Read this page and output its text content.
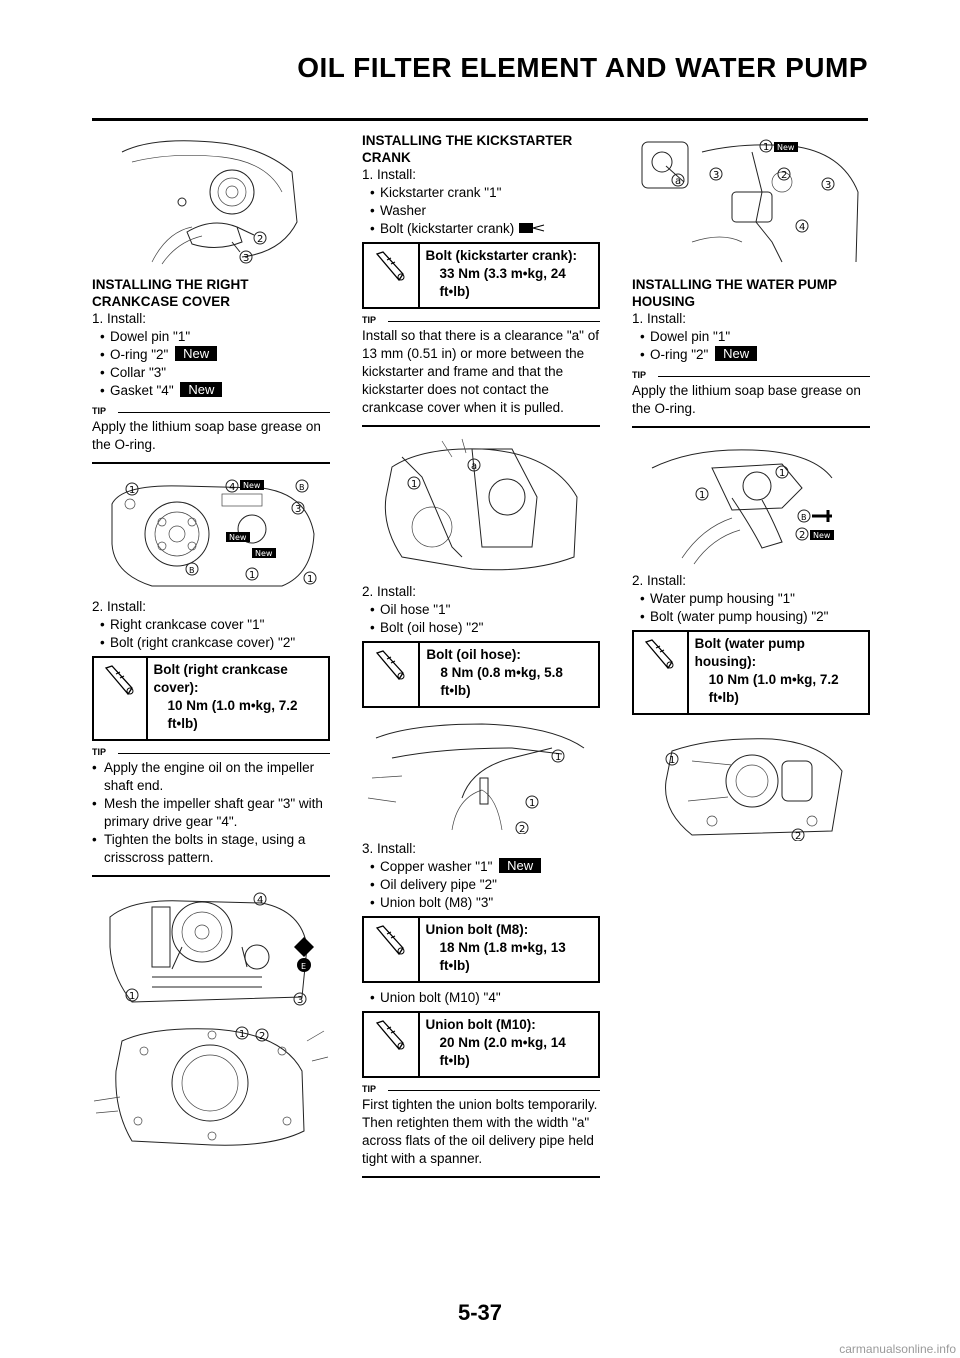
OIL FILTER ELEMENT AND WATER PUMP
2
3
INSTALLING THE RIGHT CRANKCASE COVER

1. Install:

• Dowel pin "1"
• O-ring "2" New
• Collar "3"
• Gasket "4" New
TIP
Apply the lithium soap base grease on the O-ring.
1	4 New
3
New
New
1
1
B
B

2. Install:

• Right crankcase cover "1"
• Bolt (right crankcase cover) "2"
Bolt (right crankcase cover):
10 Nm (1.0 m•kg, 7.2 ft•lb)
TIP
• Apply the engine oil on the impeller shaft end.
• Mesh the impeller shaft gear "3" with primary drive gear "4".
• Tighten the bolts in stage, using a crisscross pattern.
4
1	3
E
1 2
INSTALLING THE KICKSTARTER CRANK

1. Install:

• Kickstarter crank "1"
• Washer
• Bolt (kickstarter crank)
Bolt (kickstarter crank):
33 Nm (3.3 m•kg, 24 ft•lb)
TIP
Install so that there is a clearance "a" of 13 mm (0.51 in) or more between the kickstarter and frame and that the kickstarter does not contact the crankcase cover when it is pulled.
a
1

2. Install:

• Oil hose "1"
• Bolt (oil hose) "2"
Bolt (oil hose):
8 Nm (0.8 m•kg, 5.8 ft•lb)
1
2
1

3. Install:

• Copper washer "1" New
• Oil delivery pipe "2"
• Union bolt (M8) "3"
Union bolt (M8):
18 Nm (1.8 m•kg, 13 ft•lb)
• Union bolt (M10) "4"
Union bolt (M10):
20 Nm (2.0 m•kg, 14 ft•lb)
TIP
First tighten the union bolts temporarily. Then retighten them with the width "a" across flats of the oil delivery pipe held tight with a spanner.
a
1 New
3	2
3
4
INSTALLING THE WATER PUMP HOUSING

1. Install:

• Dowel pin "1"
• O-ring "2" New
TIP
Apply the lithium soap base grease on the O-ring.
1
1
2 New
B

2. Install:

• Water pump housing "1"
• Bolt (water pump housing) "2"
Bolt (water pump housing):
10 Nm (1.0 m•kg, 7.2 ft•lb)
1
2
5-37
carmanualsonline.info
